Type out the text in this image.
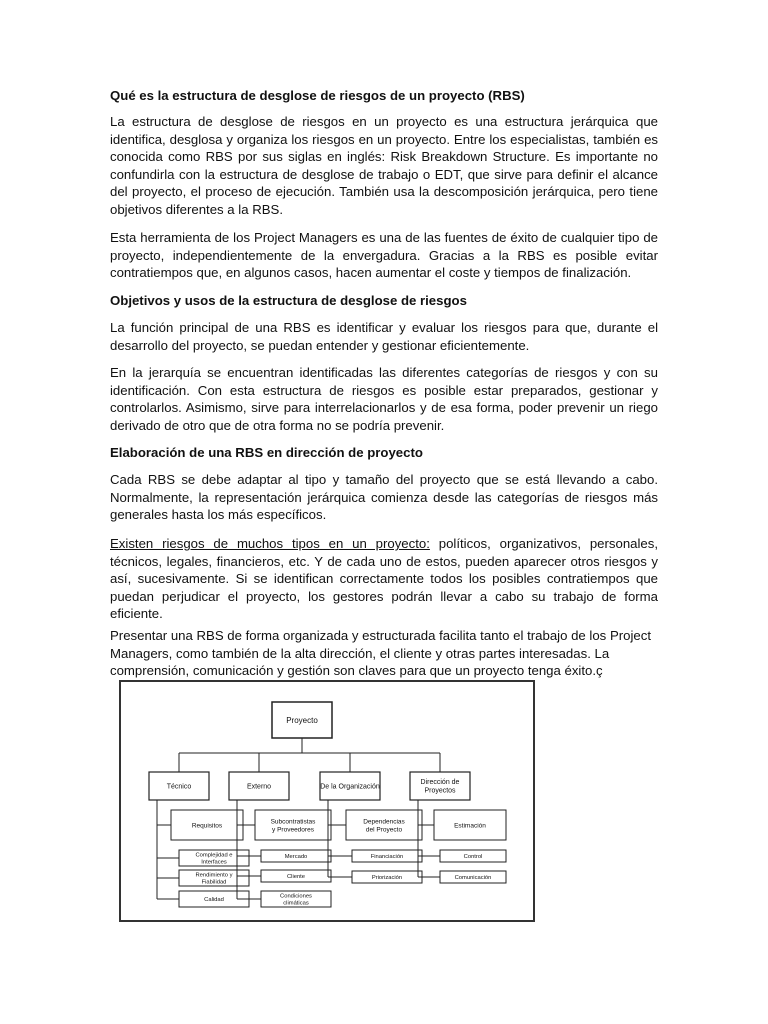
Qué es la estructura de desglose de riesgos de un proyecto (RBS)

La estructura de desglose de riesgos en un proyecto es una estructura jerárquica que identifica, desglosa y organiza los riesgos en un proyecto. Entre los especialistas, también es conocida como RBS por sus siglas en inglés: Risk Breakdown Structure. Es importante no confundirla con la estructura de desglose de trabajo o EDT, que sirve para definir el alcance del proyecto, el proceso de ejecución. También usa la descomposición jerárquica, pero tiene objetivos diferentes a la RBS.

Esta herramienta de los Project Managers es una de las fuentes de éxito de cualquier tipo de proyecto, independientemente de la envergadura. Gracias a la RBS es posible evitar contratiempos que, en algunos casos, hacen aumentar el coste y tiempos de finalización.

Objetivos y usos de la estructura de desglose de riesgos

La función principal de una RBS es identificar y evaluar los riesgos para que, durante el desarrollo del proyecto, se puedan entender y gestionar eficientemente.

En la jerarquía se encuentran identificadas las diferentes categorías de riesgos y con su identificación. Con esta estructura de riesgos es posible estar preparados, gestionar y controlarlos. Asimismo, sirve para interrelacionarlos y de esa forma, poder prevenir un riego derivado de otro que de otra forma no se podría prevenir.

Elaboración de una RBS en dirección de proyecto

Cada RBS se debe adaptar al tipo y tamaño del proyecto que se está llevando a cabo. Normalmente, la representación jerárquica comienza desde las categorías de riesgos más generales hasta los más específicos.

Existen riesgos de muchos tipos en un proyecto: políticos, organizativos, personales, técnicos, legales, financieros, etc. Y de cada uno de estos, pueden aparecer otros riesgos y así, sucesivamente. Si se identifican correctamente todos los posibles contratiempos que puedan perjudicar el proyecto, los gestores podrán llevar a cabo su trabajo de forma eficiente.

Presentar una RBS de forma organizada y estructurada facilita tanto el trabajo de los Project Managers, como también de la alta dirección, el cliente y otras partes interesadas. La comprensión, comunicación y gestión son claves para que un proyecto tenga éxito.ç

Proyecto
Técnico
Requisitos
Complejidad e Interfaces
Rendimiento y Fiabilidad
Calidad
Externo
Subcontratistas y Proveedores
Mercado
Cliente
Condiciones climáticas
De la Organización
Dependencias del Proyecto
Financiación
Priorización
Dirección de Proyectos
Estimación
Control
Comunicación
